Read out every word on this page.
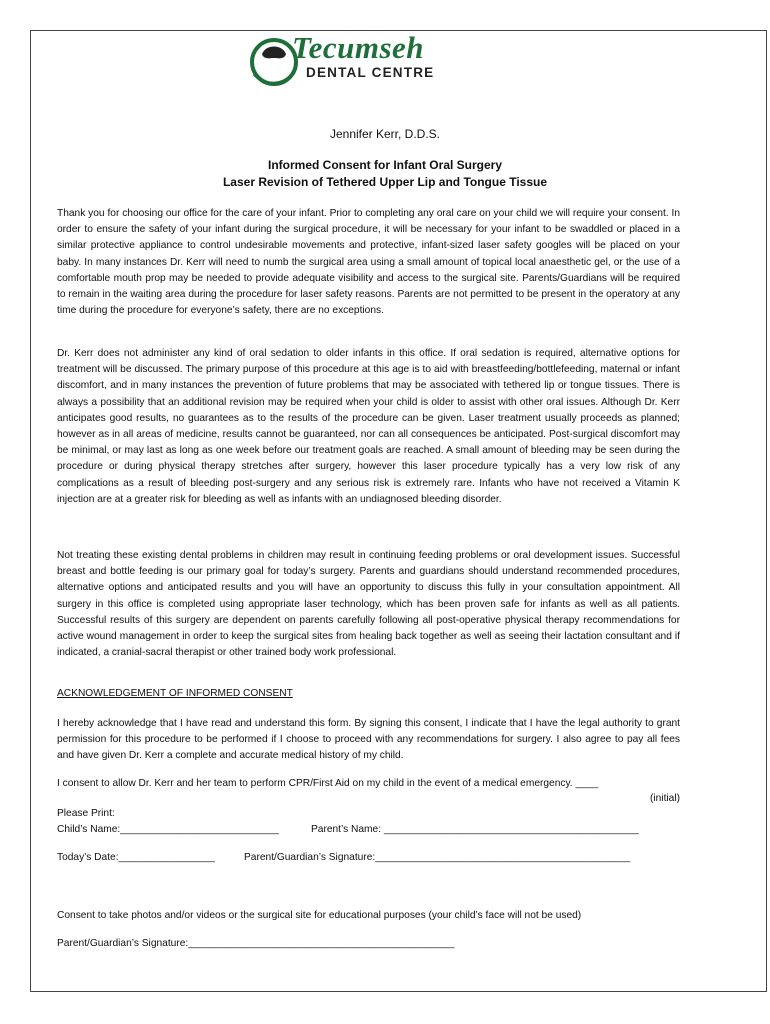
Tecumseh
DENTAL CENTRE
Jennifer Kerr, D.D.S.
Informed Consent for Infant Oral Surgery
Laser Revision of Tethered Upper Lip and Tongue Tissue
Thank you for choosing our office for the care of your infant. Prior to completing any oral care on your child we will require your consent. In order to ensure the safety of your infant during the surgical procedure, it will be necessary for your infant to be swaddled or placed in a similar protective appliance to control undesirable movements and protective, infant-sized laser safety googles will be placed on your baby. In many instances Dr. Kerr will need to numb the surgical area using a small amount of topical local anaesthetic gel, or the use of a comfortable mouth prop may be needed to provide adequate visibility and access to the surgical site. Parents/Guardians will be required to remain in the waiting area during the procedure for laser safety reasons. Parents are not permitted to be present in the operatory at any time during the procedure for everyone’s safety, there are no exceptions.
Dr. Kerr does not administer any kind of oral sedation to older infants in this office. If oral sedation is required, alternative options for treatment will be discussed. The primary purpose of this procedure at this age is to aid with breastfeeding/bottlefeeding, maternal or infant discomfort, and in many instances the prevention of future problems that may be associated with tethered lip or tongue tissues. There is always a possibility that an additional revision may be required when your child is older to assist with other oral issues. Although Dr. Kerr anticipates good results, no guarantees as to the results of the procedure can be given. Laser treatment usually proceeds as planned; however as in all areas of medicine, results cannot be guaranteed, nor can all consequences be anticipated. Post-surgical discomfort may be minimal, or may last as long as one week before our treatment goals are reached. A small amount of bleeding may be seen during the procedure or during physical therapy stretches after surgery, however this laser procedure typically has a very low risk of any complications as a result of bleeding post-surgery and any serious risk is extremely rare. Infants who have not received a Vitamin K injection are at a greater risk for bleeding as well as infants with an undiagnosed bleeding disorder.
Not treating these existing dental problems in children may result in continuing feeding problems or oral development issues. Successful breast and bottle feeding is our primary goal for today’s surgery. Parents and guardians should understand recommended procedures, alternative options and anticipated results and you will have an opportunity to discuss this fully in your consultation appointment. All surgery in this office is completed using appropriate laser technology, which has been proven safe for infants as well as all patients. Successful results of this surgery are dependent on parents carefully following all post-operative physical therapy recommendations for active wound management in order to keep the surgical sites from healing back together as well as seeing their lactation consultant and if indicated, a cranial-sacral therapist or other trained body work professional.
ACKNOWLEDGEMENT OF INFORMED CONSENT
I hereby acknowledge that I have read and understand this form. By signing this consent, I indicate that I have the legal authority to grant permission for this procedure to be performed if I choose to proceed with any recommendations for surgery. I also agree to pay all fees and have given Dr. Kerr a complete and accurate medical history of my child.
I consent to allow Dr. Kerr and her team to perform CPR/First Aid on my child in the event of a medical emergency. ____
(initial)
Please Print:
Child’s Name:____________________________	Parent’s Name: _____________________________________________
Today’s Date:_________________	Parent/Guardian’s Signature:_____________________________________________
Consent to take photos and/or videos or the surgical site for educational purposes (your child’s face will not be used)
Parent/Guardian’s Signature:_______________________________________________
